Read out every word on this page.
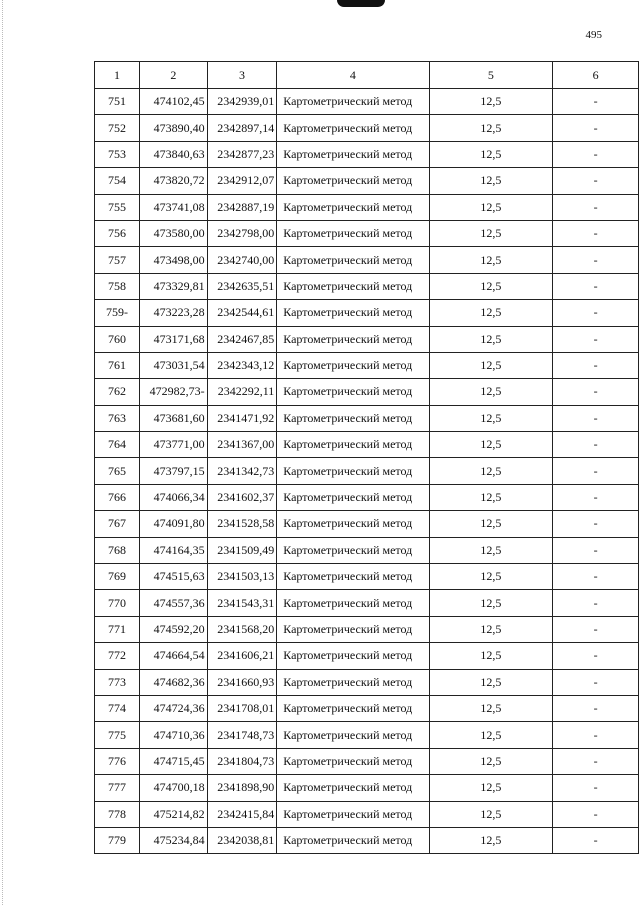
495
1	2	3	4	5	6
751	474102,45	2342939,01	Картометрический метод	12,5	-
752	473890,40	2342897,14	Картометрический метод	12,5	-
753	473840,63	2342877,23	Картометрический метод	12,5	-
754	473820,72	2342912,07	Картометрический метод	12,5	-
755	473741,08	2342887,19	Картометрический метод	12,5	-
756	473580,00	2342798,00	Картометрический метод	12,5	-
757	473498,00	2342740,00	Картометрический метод	12,5	-
758	473329,81	2342635,51	Картометрический метод	12,5	-
759-	473223,28	2342544,61	Картометрический метод	12,5	-
760	473171,68	2342467,85	Картометрический метод	12,5	-
761	473031,54	2342343,12	Картометрический метод	12,5	-
762	472982,73-	2342292,11	Картометрический метод	12,5	-
763	473681,60	2341471,92	Картометрический метод	12,5	-
764	473771,00	2341367,00	Картометрический метод	12,5	-
765	473797,15	2341342,73	Картометрический метод	12,5	-
766	474066,34	2341602,37	Картометрический метод	12,5	-
767	474091,80	2341528,58	Картометрический метод	12,5	-
768	474164,35	2341509,49	Картометрический метод	12,5	-
769	474515,63	2341503,13	Картометрический метод	12,5	-
770	474557,36	2341543,31	Картометрический метод	12,5	-
771	474592,20	2341568,20	Картометрический метод	12,5	-
772	474664,54	2341606,21	Картометрический метод	12,5	-
773	474682,36	2341660,93	Картометрический метод	12,5	-
774	474724,36	2341708,01	Картометрический метод	12,5	-
775	474710,36	2341748,73	Картометрический метод	12,5	-
776	474715,45	2341804,73	Картометрический метод	12,5	-
777	474700,18	2341898,90	Картометрический метод	12,5	-
778	475214,82	2342415,84	Картометрический метод	12,5	-
779	475234,84	2342038,81	Картометрический метод	12,5	-
